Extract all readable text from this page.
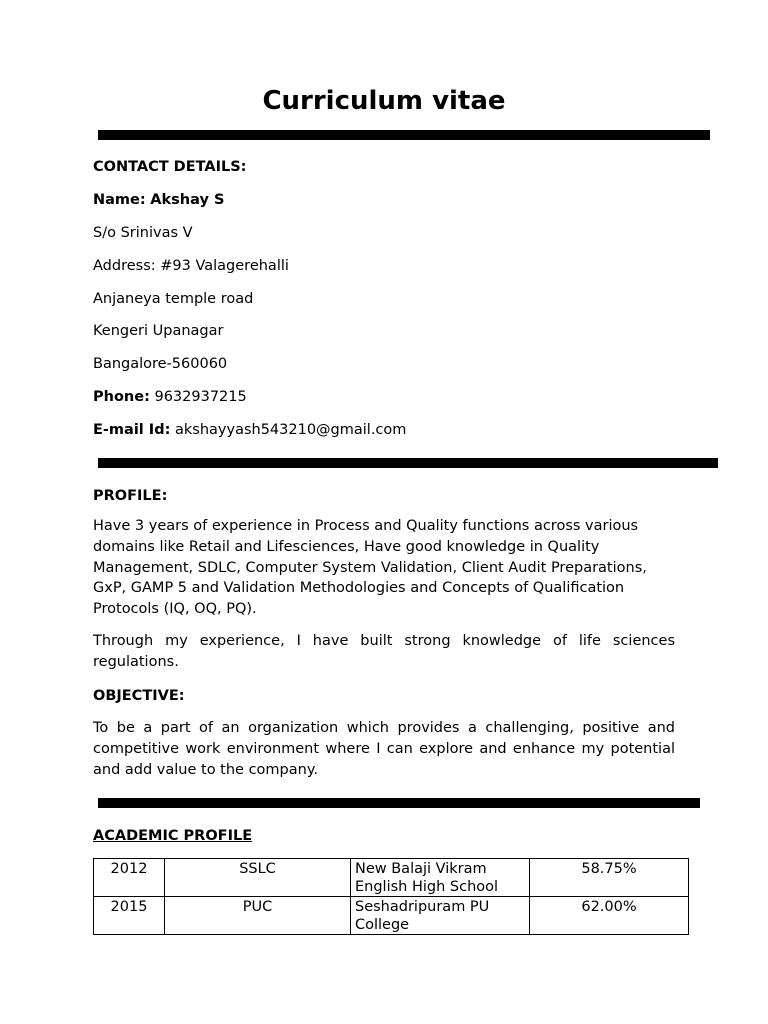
Curriculum vitae
CONTACT DETAILS:
Name: Akshay S
S/o Srinivas V
Address: #93 Valagerehalli
Anjaneya temple road
Kengeri Upanagar
Bangalore-560060
Phone: 9632937215
E-mail Id: akshayyash543210@gmail.com
PROFILE:
Have 3 years of experience in Process and Quality functions across various domains like Retail and Lifesciences, Have good knowledge in Quality Management, SDLC, Computer System Validation, Client Audit Preparations, GxP, GAMP 5 and Validation Methodologies and Concepts of Qualification Protocols (IQ, OQ, PQ).
Through my experience, I have built strong knowledge of life sciences regulations.
OBJECTIVE:
To be a part of an organization which provides a challenging, positive and competitive work environment where I can explore and enhance my potential and add value to the company.
ACADEMIC PROFILE
2012	SSLC	New Balaji Vikram English High School	58.75%
2015	PUC	Seshadripuram PU College	62.00%
